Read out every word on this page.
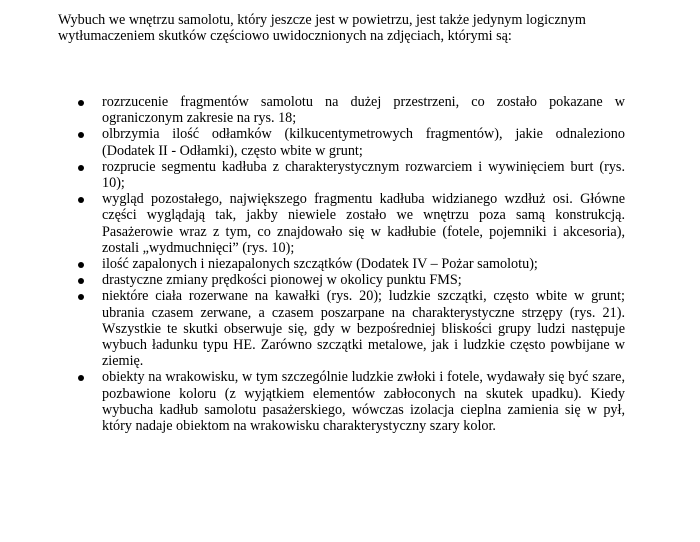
Wybuch we wnętrzu samolotu, który jeszcze jest w powietrzu, jest także jedynym logicznym wytłumaczeniem skutków częściowo uwidocznionych na zdjęciach, którymi są:

rozrzucenie fragmentów samolotu na dużej przestrzeni, co zostało pokazane w ograniczonym zakresie na rys. 18;
olbrzymia ilość odłamków (kilkucentymetrowych fragmentów), jakie odnaleziono (Dodatek II - Odłamki), często wbite w grunt;
rozprucie segmentu kadłuba z charakterystycznym rozwarciem i wywinięciem burt (rys. 10);
wygląd pozostałego, największego fragmentu kadłuba widzianego wzdłuż osi. Główne części wyglądają tak, jakby niewiele zostało we wnętrzu poza samą konstrukcją. Pasażerowie wraz z tym, co znajdowało się w kadłubie (fotele, pojemniki i akcesoria), zostali „wydmuchnięci” (rys. 10);
ilość zapalonych i niezapalonych szczątków (Dodatek IV – Pożar samolotu);
drastyczne zmiany prędkości pionowej w okolicy punktu FMS;
niektóre ciała rozerwane na kawałki (rys. 20); ludzkie szczątki, często wbite w grunt; ubrania czasem zerwane, a czasem poszarpane na charakterystyczne strzępy (rys. 21). Wszystkie te skutki obserwuje się, gdy w bezpośredniej bliskości grupy ludzi następuje wybuch ładunku typu HE. Zarówno szczątki metalowe, jak i ludzkie często powbijane w ziemię.
obiekty na wrakowisku, w tym szczególnie ludzkie zwłoki i fotele, wydawały się być szare, pozbawione koloru (z wyjątkiem elementów zabłoconych na skutek upadku). Kiedy wybucha kadłub samolotu pasażerskiego, wówczas izolacja cieplna zamienia się w pył, który nadaje obiektom na wrakowisku charakterystyczny szary kolor.
